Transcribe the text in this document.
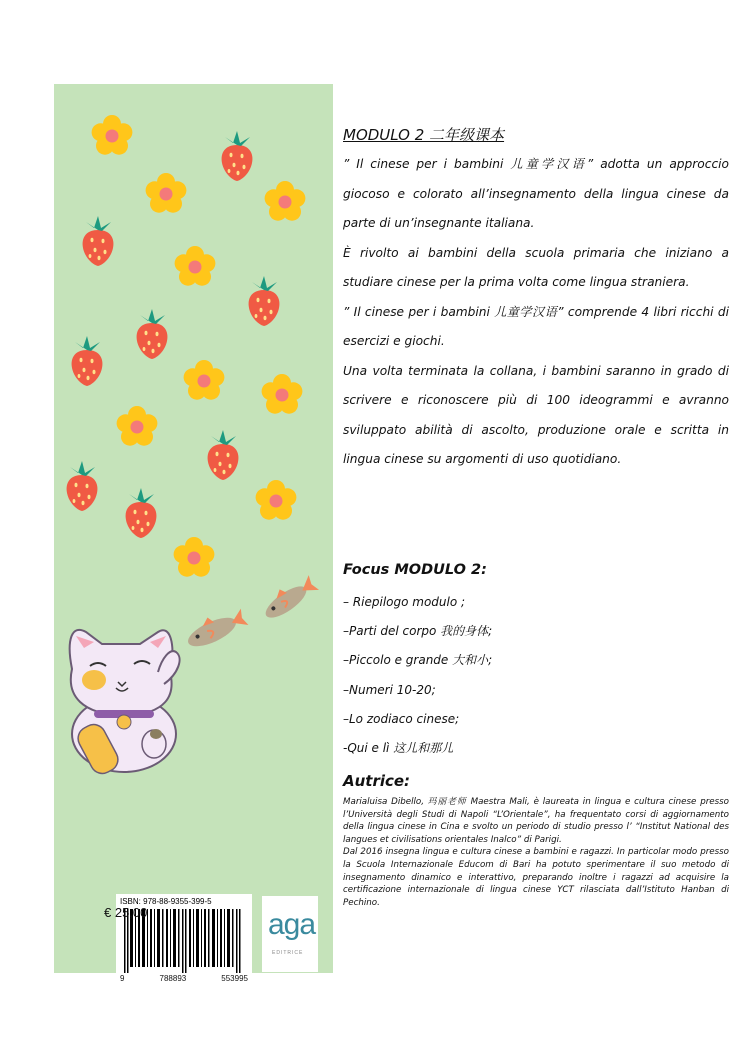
ISBN: 978-88-9355-399-5
9	788893	553995
aga
EDITRICE
€ 25,00
MODULO 2 二年级课本

” Il cinese per i bambini 儿童学汉语” adotta un approccio giocoso e colorato all’insegnamento della lingua cinese da parte di un’insegnante italiana.

È rivolto ai bambini della scuola primaria che iniziano a studiare cinese per la prima volta come lingua straniera.

” Il cinese per i bambini 儿童学汉语” comprende 4 libri ricchi di esercizi e giochi.

Una volta terminata la collana, i bambini saranno in grado di scrivere e riconoscere più di 100 ideogrammi e avranno sviluppato abilità di ascolto, produzione orale e scritta in lingua cinese su argomenti di uso quotidiano.

Focus MODULO 2:
– Riepilogo modulo ;
–Parti del corpo 我的身体;
–Piccolo e grande 大和小;
–Numeri 10-20;
–Lo zodiaco cinese;
-Qui e lì 这儿和那儿
Autrice:

Marialuisa Dibello, 玛丽老师 Maestra Mali, è laureata in lingua e cultura cinese presso l’Università degli Studi di Napoli “L’Orientale”, ha frequentato corsi di aggiornamento della lingua cinese in Cina e svolto un periodo di studio presso l’ “Institut National des langues et civilisations orientales Inalco” di Parigi.

Dal 2016 insegna lingua e cultura cinese a bambini e ragazzi. In particolar modo presso la Scuola Internazionale Educom di Bari ha potuto sperimentare il suo metodo di insegnamento dinamico e interattivo, preparando inoltre i ragazzi ad acquisire la certificazione internazionale di lingua cinese YCT rilasciata dall’Istituto Hanban di Pechino.
